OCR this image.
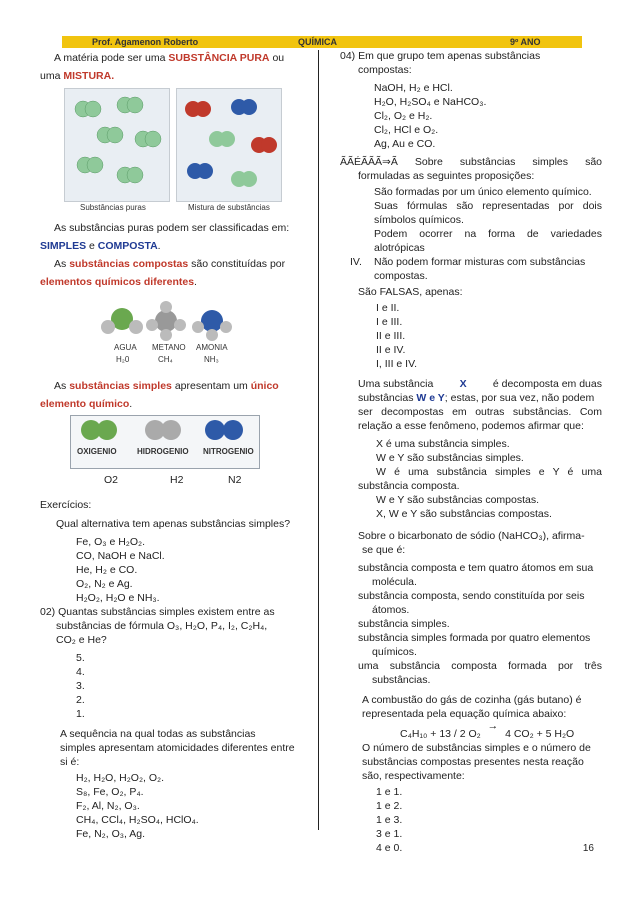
Prof. Agamenon Roberto	QUÍMICA	9º ANO
A matéria pode ser uma SUBSTÂNCIA PURA ou
uma MISTURA.
Substâncias puras	Mistura de substâncias
As substâncias puras podem ser classificadas em:
SIMPLES e COMPOSTA.
As substâncias compostas são constituídas por
elementos químicos diferentes.
AGUA METANO AMONIA
H₂0	CH₄	NH₃
As substâncias simples apresentam um único
elemento químico.
OXIGENIO	HIDROGENIO NITROGENIO
O2	H2	N2
Exercícios:
Qual alternativa tem apenas substâncias simples?
Fe, O₃ e H₂O₂.
CO, NaOH e NaCl.
He, H₂ e CO.
O₂, N₂ e Ag.
H₂O₂, H₂O e NH₃.
02) Quantas substâncias simples existem entre as
substâncias de fórmula O₃, H₂O, P₄, I₂, C₂H₄,
CO₂ e He?
5.
4.
3.
2.
1.
A sequência na qual todas as substâncias
simples apresentam atomicidades diferentes entre
si é:
H₂, H₂O, H₂O₂, O₂.
S₈, Fe, O₂, P₄.
F₂, Al, N₂, O₃.
CH₄, CCl₄, H₂SO₄, HClO₄.
Fe, N₂, O₃, Ag.
04) Em que grupo tem apenas substâncias
compostas:
NaOH, H₂ e HCl.
H₂O, H₂SO₄ e NaHCO₃.
Cl₂, O₂ e H₂.
Cl₂, HCl e O₂.
Ag, Au e CO.
ÃÃÉÃÃÃ⇒Ã Sobre substâncias simples são
formuladas as seguintes proposições:
São formadas por um único elemento químico.
Suas fórmulas são representadas por dois
símbolos químicos.
Podem ocorrer na forma de variedades
alotrópicas
IV. Não podem formar misturas com substâncias
compostas.
São FALSAS, apenas:
I e II.
I e III.
II e III.
II e IV.
I, III e IV.
Uma substância	X	é decomposta em duas
substâncias W e Y; estas, por sua vez, não podem
ser decompostas em outras substâncias. Com
relação a esse fenômeno, podemos afirmar que:
X é uma substância simples.
W e Y são substâncias simples.
W é uma substância simples e Y é uma
substância composta.
W e Y são substâncias compostas.
X, W e Y são substâncias compostas.
Sobre o bicarbonato de sódio (NaHCO₃), afirma-
se que é:
substância composta e tem quatro átomos em sua
molécula.
substância composta, sendo constituída por seis
átomos.
substância simples.
substância simples formada por quatro elementos
químicos.
uma substância composta formada por três
substâncias.
A combustão do gás de cozinha (gás butano) é
representada pela equação química abaixo:
C₄H₁₀ + 13 / 2 O₂ → 4 CO₂ + 5 H₂O
O número de substâncias simples e o número de
substâncias compostas presentes nesta reação
são, respectivamente:
1 e 1.
1 e 2.
1 e 3.
3 e 1.
4 e 0.	16
